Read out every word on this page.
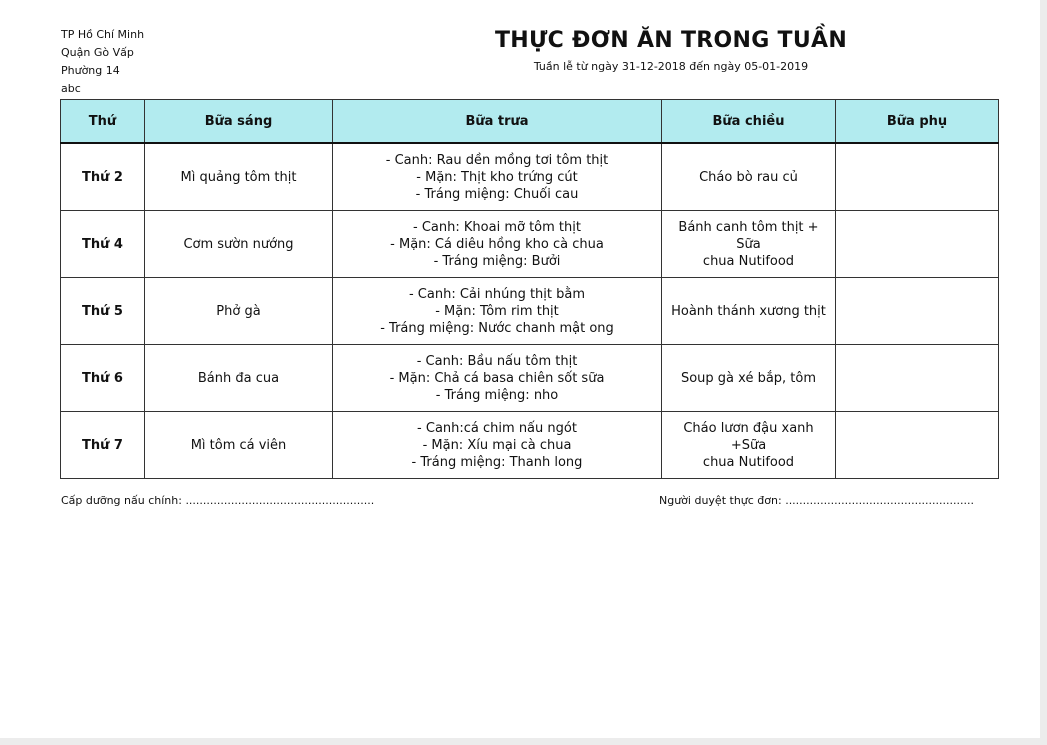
TP Hồ Chí Minh
Quận Gò Vấp
Phường 14
abc
THỰC ĐƠN ĂN TRONG TUẦN
Tuần lễ từ ngày 31-12-2018 đến ngày 05-01-2019
Thứ	Bữa sáng	Bữa trưa	Bữa chiều	Bữa phụ
Thứ 2	Mì quảng tôm thịt	- Canh: Rau dền mồng tơi tôm thịt
- Mặn: Thịt kho trứng cút
- Tráng miệng: Chuối cau	Cháo bò rau củ	

Thứ 4	Cơm sườn nướng	- Canh: Khoai mỡ tôm thịt
- Mặn: Cá diêu hồng kho cà chua
- Tráng miệng: Bưởi	Bánh canh tôm thịt + Sữa
chua Nutifood	

Thứ 5	Phở gà	- Canh: Cải nhúng thịt bằm
- Mặn: Tôm rim thịt
- Tráng miệng: Nước chanh mật ong	Hoành thánh xương thịt	

Thứ 6	Bánh đa cua	- Canh: Bầu nấu tôm thịt
- Mặn: Chả cá basa chiên sốt sữa
- Tráng miệng: nho	Soup gà xé bắp, tôm	

Thứ 7	Mì tôm cá viên	- Canh:cá chim nấu ngót
- Mặn: Xíu mại cà chua
- Tráng miệng: Thanh long	Cháo lươn đậu xanh +Sữa
chua Nutifood	

Cấp dưỡng nấu chính: ......................................................	Người duyệt thực đơn: ......................................................
